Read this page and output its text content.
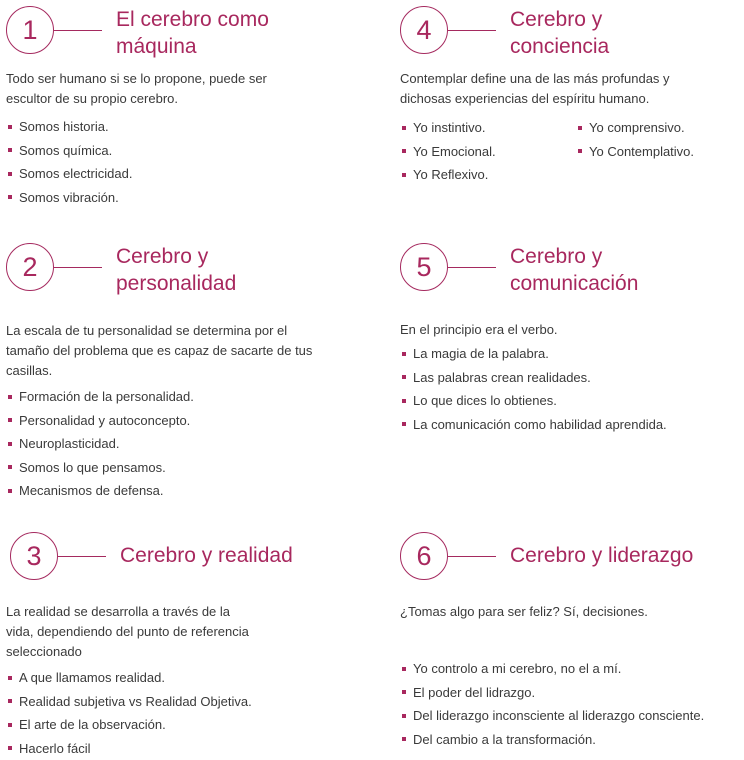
1	El cerebro como
máquina

Todo ser humano si se lo propone, puede ser
escultor de su propio cerebro.

Somos historia.
Somos química.
Somos electricidad.
Somos vibración.
4	Cerebro y
conciencia

Contemplar define una de las más profundas y
dichosas experiencias del espíritu humano.

Yo instintivo.
Yo Emocional.
Yo Reflexivo.
Yo comprensivo.
Yo Contemplativo.
2	Cerebro y
personalidad

La escala de tu personalidad se determina por el
tamaño del problema que es capaz de sacarte de tus
casillas.

Formación de la personalidad.
Personalidad y autoconcepto.
Neuroplasticidad.
Somos lo que pensamos.
Mecanismos de defensa.
5	Cerebro y
comunicación

En el principio era el verbo.

La magia de la palabra.
Las palabras crean realidades.
Lo que dices lo obtienes.
La comunicación como habilidad aprendida.
3	Cerebro y realidad

La realidad se desarrolla a través de la
vida, dependiendo del punto de referencia
seleccionado

A que llamamos realidad.
Realidad subjetiva vs Realidad Objetiva.
El arte de la observación.
Hacerlo fácil
6	Cerebro y liderazgo

¿Tomas algo para ser feliz? Sí, decisiones.

Yo controlo a mi cerebro, no el a mí.
El poder del lidrazgo.
Del liderazgo inconsciente al liderazgo consciente.
Del cambio a la transformación.
